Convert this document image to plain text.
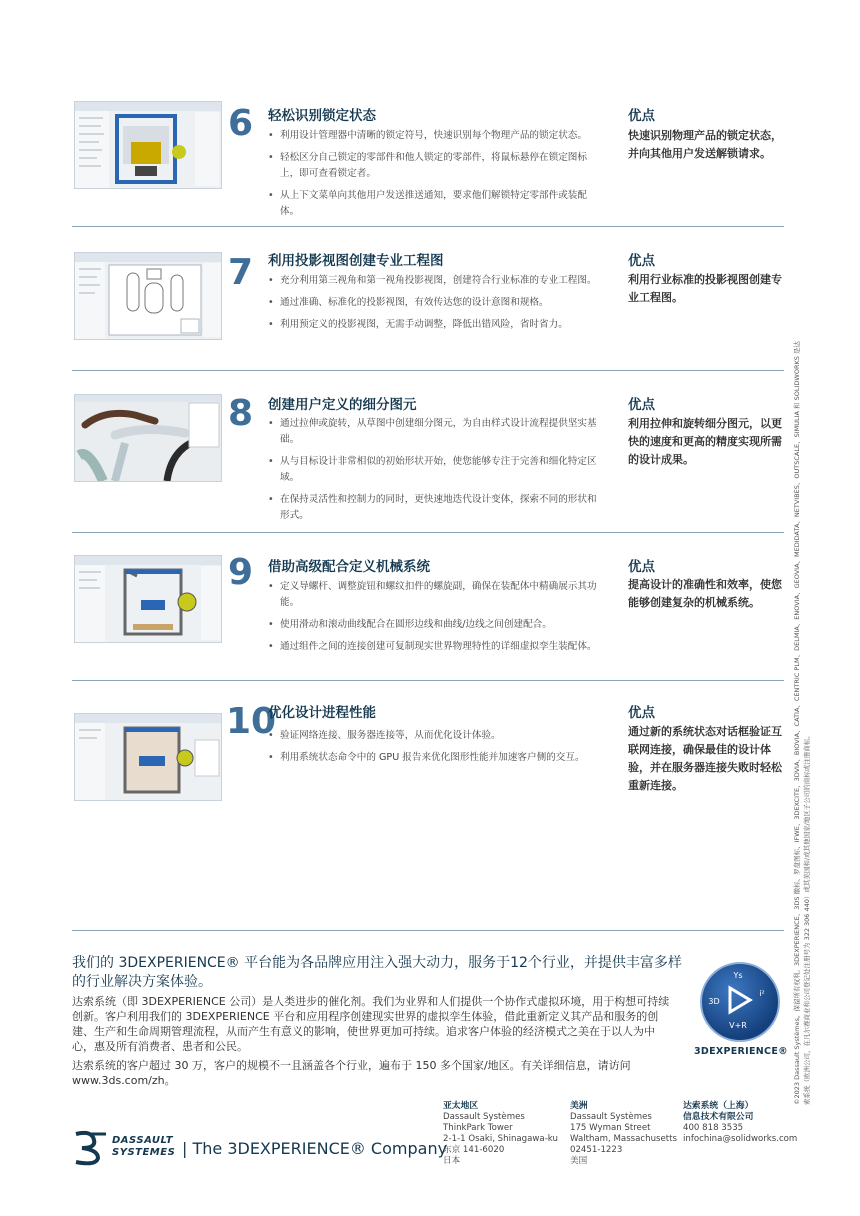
6 轻松识别锁定状态
• 利用设计管理器中清晰的锁定符号，快速识别每个物理产品的锁定状态。
• 轻松区分自己锁定的零部件和他人锁定的零部件，将鼠标悬停在锁定图标上，即可查看锁定者。
• 从上下文菜单向其他用户发送推送通知，要求他们解锁特定零部件或装配体。
优点
快速识别物理产品的锁定状态，并向其他用户发送解锁请求。
7 利用投影视图创建专业工程图
• 充分利用第三视角和第一视角投影视图，创建符合行业标准的专业工程图。
• 通过准确、标准化的投影视图，有效传达您的设计意图和规格。
• 利用预定义的投影视图，无需手动调整，降低出错风险，省时省力。
优点
利用行业标准的投影视图创建专业工程图。
8 创建用户定义的细分图元
• 通过拉伸或旋转，从草图中创建细分图元，为自由样式设计流程提供坚实基础。
• 从与目标设计非常相似的初始形状开始，使您能够专注于完善和细化特定区域。
• 在保持灵活性和控制力的同时，更快速地迭代设计变体，探索不同的形状和形式。
优点
利用拉伸和旋转细分图元，以更快的速度和更高的精度实现所需的设计成果。
9 借助高级配合定义机械系统
• 定义导螺杆、调整旋钮和螺纹扣件的螺旋副，确保在装配体中精确展示其功能。
• 使用滑动和滚动曲线配合在圆形边线和曲线/边线之间创建配合。
• 通过组件之间的连接创建可复制现实世界物理特性的详细虚拟孪生装配体。
优点
提高设计的准确性和效率，使您能够创建复杂的机械系统。
10
优化设计进程性能
• 验证网络连接、服务器连接等，从而优化设计体验。
• 利用系统状态命令中的 GPU 报告来优化图形性能并加速客户侧的交互。
优点
通过新的系统状态对话框验证互联网连接，确保最佳的设计体验，并在服务器连接失败时轻松重新连接。	©2023 Dassault Systèmes。保留所有权利。3DEXPERIENCE、3DS 徽标、罗盘图标、IFWE、3DEXCITE、3DVIA、BIOVIA、CATIA、CENTRIC PLM、DELMIA、ENOVIA、GEOVIA、MEDIDATA、NETVIBES、OUTSCALE、SIMULIA 和 SOLIDWORKS 是达索系统（欧洲公司，在凡尔赛商业和公司登记处注册号为 322 306 440）或其美国和/或其他国家/地区子公司的商标或注册商标。
我们的 3DEXPERIENCE® 平台能为各品牌应用注入强大动力，服务于12个行业，并提供丰富多样的行业解决方案体验。
达索系统（即 3DEXPERIENCE 公司）是人类进步的催化剂。我们为业界和人们提供一个协作式虚拟环境，用于构想可持续创新。客户利用我们的 3DEXPERIENCE 平台和应用程序创建现实世界的虚拟孪生体验，借此重新定义其产品和服务的创建、生产和生命周期管理流程，从而产生有意义的影响，使世界更加可持续。追求客户体验的经济模式之美在于以人为中心，惠及所有消费者、患者和公民。
达索系统的客户超过 30 万，客户的规模不一且涵盖各个行业，遍布于 150 多个国家/地区。有关详细信息，请访问 www.3ds.com/zh。
Ys
3D
i²
V+R
3DEXPERIENCE®
DASSAULT
SYSTEMES | The 3DEXPERIENCE® Company
亚太地区
Dassault Systèmes
ThinkPark Tower
2-1-1 Osaki, Shinagawa-ku
东京 141-6020
日本
美洲
Dassault Systèmes
175 Wyman Street
Waltham, Massachusetts
02451-1223
美国
达索系统（上海）
信息技术有限公司
400 818 3535
infochina@solidworks.com
